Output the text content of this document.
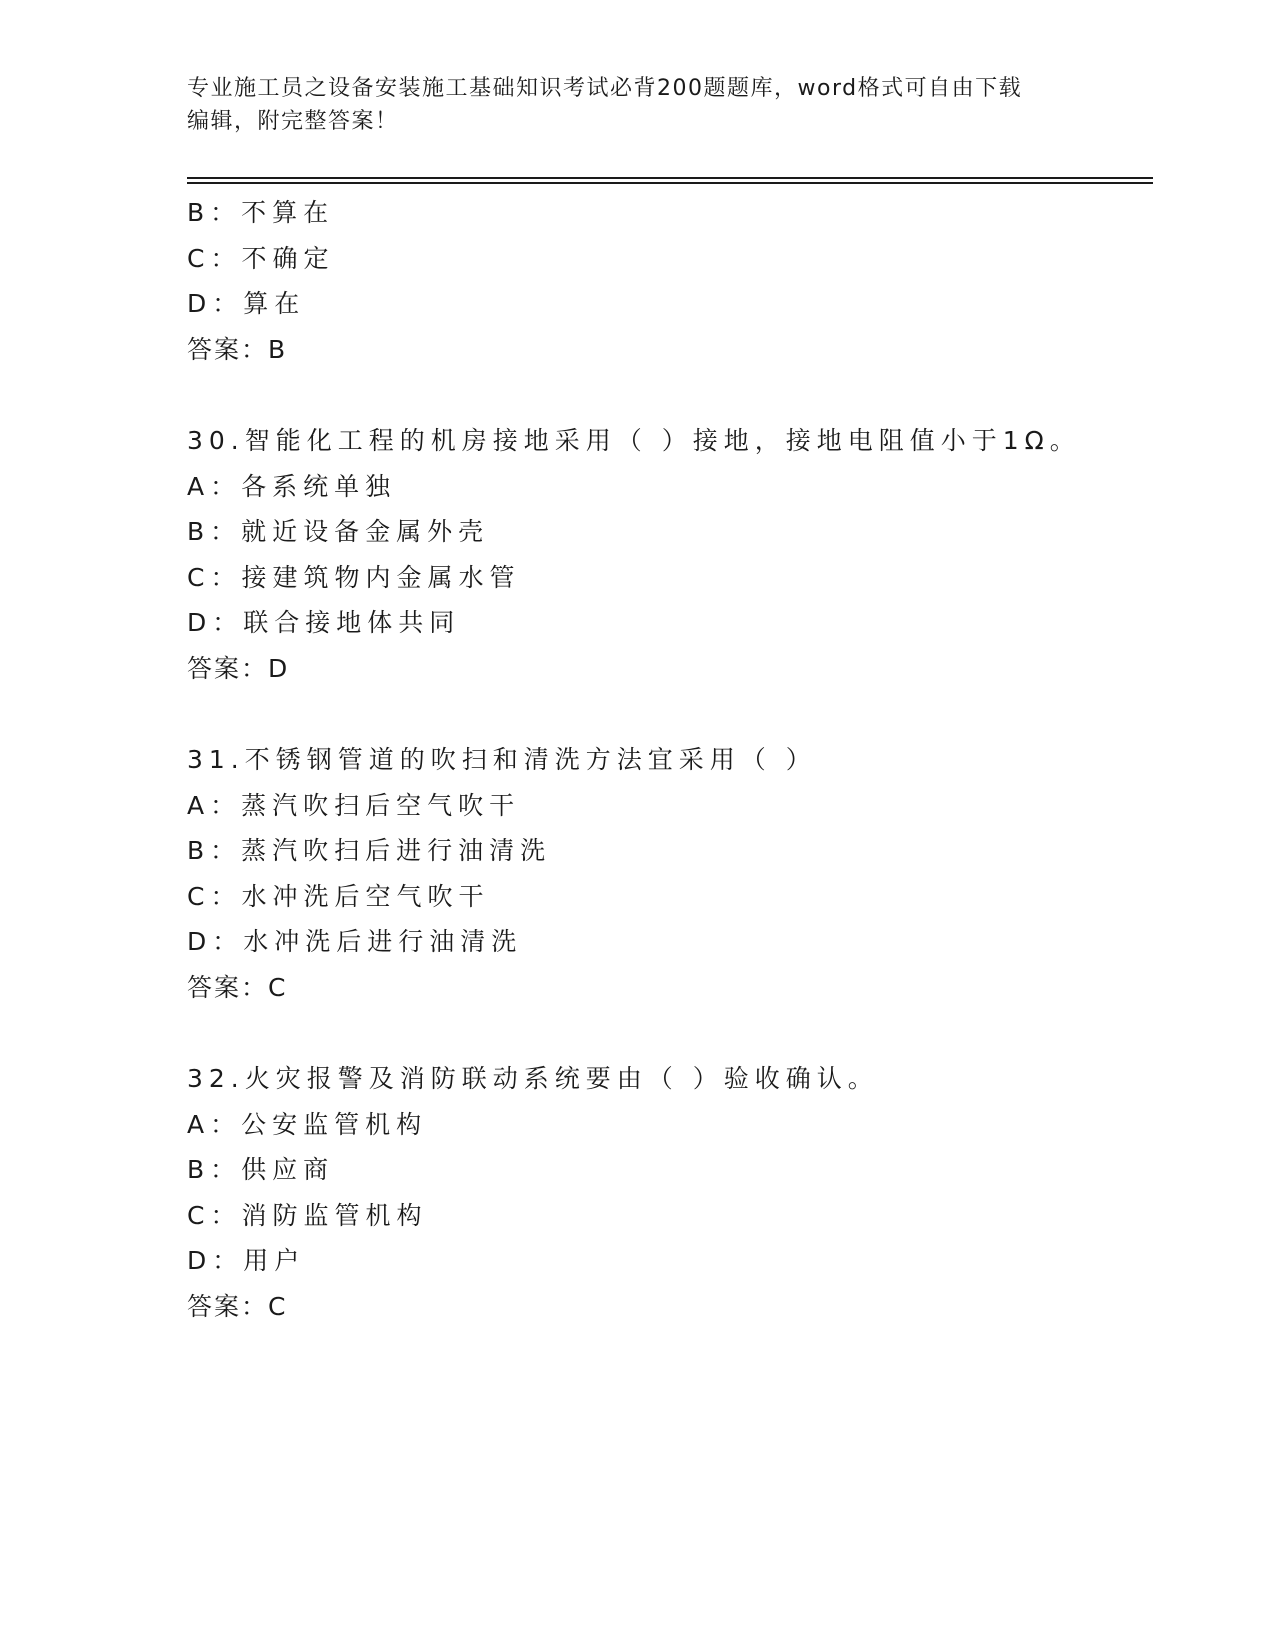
专业施工员之设备安装施工基础知识考试必背200题题库，word格式可自由下载
编辑，附完整答案！
B：不算在
C：不确定
D：算在
答案：B
30.智能化工程的机房接地采用（ ）接地，接地电阻值小于1Ω。
A：各系统单独
B：就近设备金属外壳
C：接建筑物内金属水管
D：联合接地体共同
答案：D
31.不锈钢管道的吹扫和清洗方法宜采用（ ）
A：蒸汽吹扫后空气吹干
B：蒸汽吹扫后进行油清洗
C：水冲洗后空气吹干
D：水冲洗后进行油清洗
答案：C
32.火灾报警及消防联动系统要由（ ）验收确认。
A：公安监管机构
B：供应商
C：消防监管机构
D：用户
答案：C
